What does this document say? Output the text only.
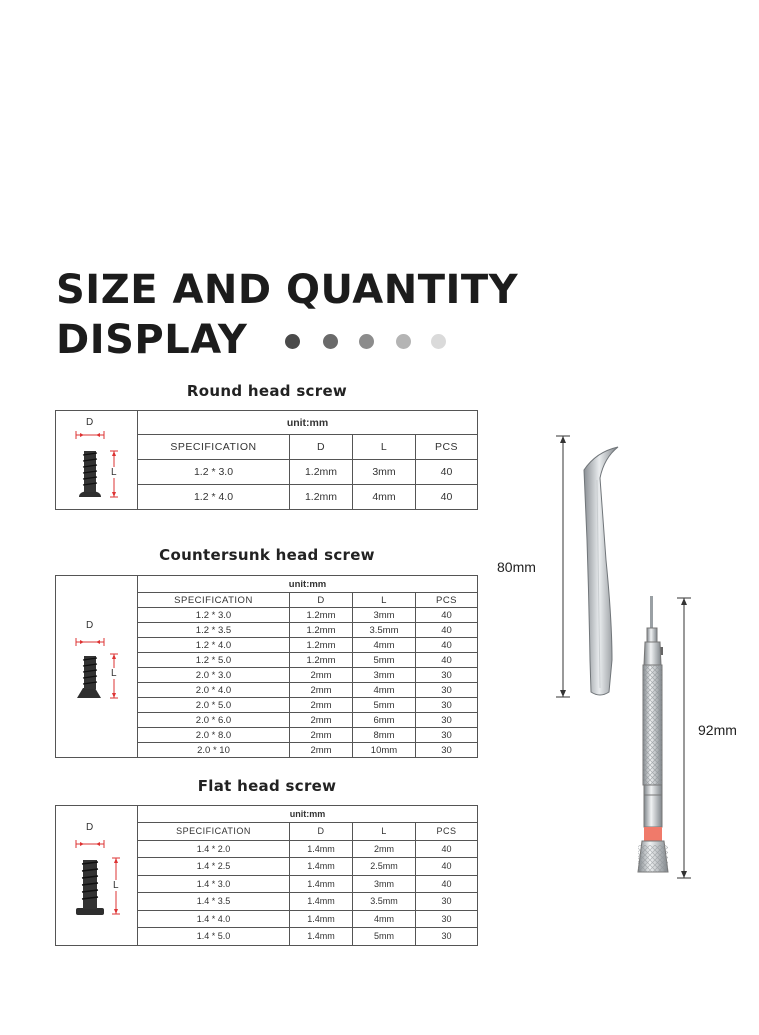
SIZE AND QUANTITY
DISPLAY
Round head screw
D
L	unit:mm			
	SPECIFICATION	D	L	PCS
	1.2 * 3.0	1.2mm	3mm	40
	1.2 * 4.0	1.2mm	4mm	40
Countersunk head screw
D
L	unit:mm			
	SPECIFICATION	D	L	PCS
	1.2 * 3.0	1.2mm	3mm	40
	1.2 * 3.5	1.2mm	3.5mm	40
	1.2 * 4.0	1.2mm	4mm	40
	1.2 * 5.0	1.2mm	5mm	40
	2.0 * 3.0	2mm	3mm	30
	2.0 * 4.0	2mm	4mm	30
	2.0 * 5.0	2mm	5mm	30
	2.0 * 6.0	2mm	6mm	30
	2.0 * 8.0	2mm	8mm	30
	2.0 * 10	2mm	10mm	30
Flat head screw
D
L	unit:mm			
	SPECIFICATION	D	L	PCS
	1.4 * 2.0	1.4mm	2mm	40
	1.4 * 2.5	1.4mm	2.5mm	40
	1.4 * 3.0	1.4mm	3mm	40
	1.4 * 3.5	1.4mm	3.5mm	30
	1.4 * 4.0	1.4mm	4mm	30
	1.4 * 5.0	1.4mm	5mm	30
80mm
92mm
